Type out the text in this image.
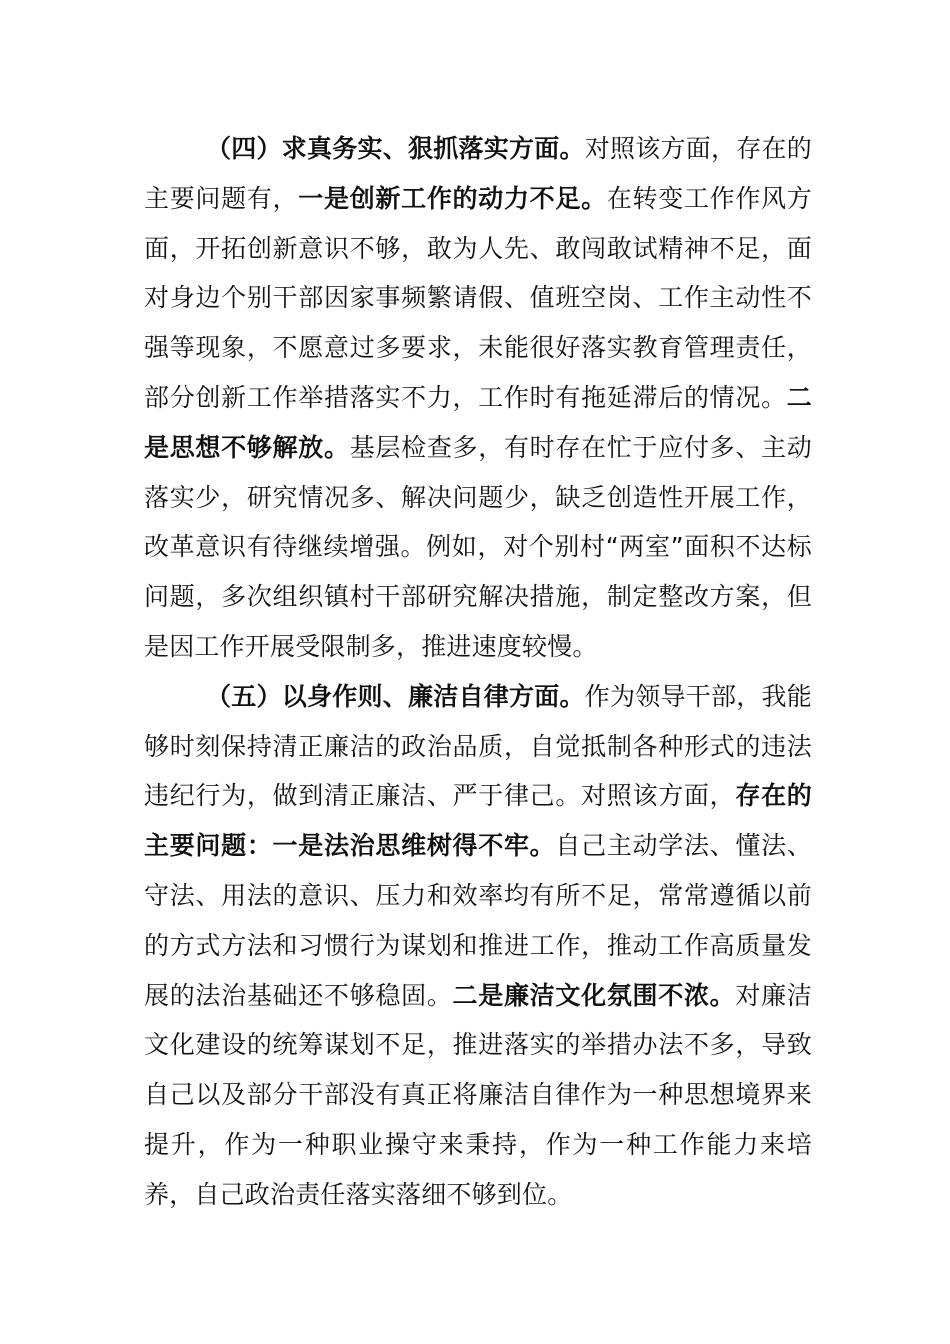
（四）求真务实、狠抓落实方面。对照该方面，存在的主要问题有，一是创新工作的动力不足。在转变工作作风方面，开拓创新意识不够，敢为人先、敢闯敢试精神不足，面对身边个别干部因家事频繁请假、值班空岗、工作主动性不强等现象，不愿意过多要求，未能很好落实教育管理责任，部分创新工作举措落实不力，工作时有拖延滞后的情况。二是思想不够解放。基层检查多，有时存在忙于应付多、主动落实少，研究情况多、解决问题少，缺乏创造性开展工作，改革意识有待继续增强。例如，对个别村“两室”面积不达标问题，多次组织镇村干部研究解决措施，制定整改方案，但是因工作开展受限制多，推进速度较慢。

（五）以身作则、廉洁自律方面。作为领导干部，我能够时刻保持清正廉洁的政治品质，自觉抵制各种形式的违法违纪行为，做到清正廉洁、严于律己。对照该方面，存在的主要问题：一是法治思维树得不牢。自己主动学法、懂法、守法、用法的意识、压力和效率均有所不足，常常遵循以前的方式方法和习惯行为谋划和推进工作，推动工作高质量发展的法治基础还不够稳固。二是廉洁文化氛围不浓。对廉洁文化建设的统筹谋划不足，推进落实的举措办法不多，导致自己以及部分干部没有真正将廉洁自律作为一种思想境界来提升，作为一种职业操守来秉持，作为一种工作能力来培养，自己政治责任落实落细不够到位。
